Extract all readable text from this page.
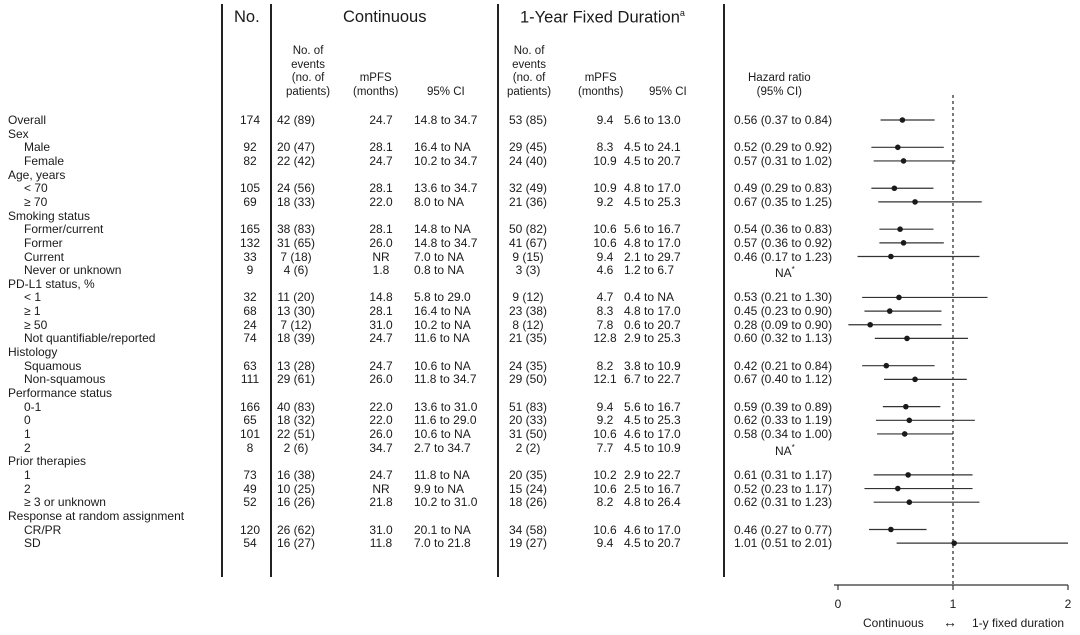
No.	Continuous	1-Year Fixed Duration$^a$
No. of
events
(no. of
patients)
mPFS
(months) 95% CI
No. of
events
(no. of
patients)
mPFS
(months) 95% CI
Hazard ratio
(95% CI)
Overall	174 42 (89)	24.7 14.8 to 34.7	53 (85)	9.4 5.6 to 13.0	0.56 (0.37 to 0.84)
Sex
Male	92 20 (47)	28.1 16.4 to NA	29 (45)	8.3 4.5 to 24.1	0.52 (0.29 to 0.92)
Female	82 22 (42)	24.7 10.2 to 34.7	24 (40)	10.9 4.5 to 20.7	0.57 (0.31 to 1.02)
Age, years
< 70	105 24 (56)	28.1 13.6 to 34.7	32 (49)	10.9 4.8 to 17.0	0.49 (0.29 to 0.83)
≥ 70	69 18 (33)	22.0 8.0 to NA	21 (36)	9.2 4.5 to 25.3	0.67 (0.35 to 1.25)
Smoking status
Former/current	165 38 (83)	28.1 14.8 to NA	50 (82)	10.6 5.6 to 16.7	0.54 (0.36 to 0.83)
Former	132 31 (65)	26.0 14.8 to 34.7	41 (67)	10.6 4.8 to 17.0	0.57 (0.36 to 0.92)
Current	33 7 (18)	NR 7.0 to NA	9 (15)	9.4 2.1 to 29.7	0.46 (0.17 to 1.23)
Never or unknown	9	4 (6)	1.8 0.8 to NA	3 (3)	4.6 1.2 to 6.7	NA*
PD-L1 status, %
< 1	32 11 (20)	14.8 5.8 to 29.0	9 (12)	4.7 0.4 to NA	0.53 (0.21 to 1.30)
≥ 1	68 13 (30)	28.1 16.4 to NA	23 (38)	8.3 4.8 to 17.0	0.45 (0.23 to 0.90)
≥ 50	24 7 (12)	31.0 10.2 to NA	8 (12)	7.8 0.6 to 20.7	0.28 (0.09 to 0.90)
Not quantifiable/reported	74 18 (39)	24.7 11.6 to NA	21 (35)	12.8 2.9 to 25.3	0.60 (0.32 to 1.13)
Histology
Squamous	63 13 (28)	24.7 10.6 to NA	24 (35)	8.2 3.8 to 10.9	0.42 (0.21 to 0.84)
Non-squamous	111 29 (61)	26.0 11.8 to 34.7	29 (50)	12.1 6.7 to 22.7	0.67 (0.40 to 1.12)
Performance status
0-1	166 40 (83)	22.0 13.6 to 31.0	51 (83)	9.4 5.6 to 16.7	0.59 (0.39 to 0.89)
0	65 18 (32)	22.0 11.6 to 29.0	20 (33)	9.2 4.5 to 25.3	0.62 (0.33 to 1.19)
1	101 22 (51)	26.0 10.6 to NA	31 (50)	10.6 4.6 to 17.0	0.58 (0.34 to 1.00)
2	8	2 (6)	34.7 2.7 to 34.7	2 (2)	7.7 4.5 to 10.9	NA*
Prior therapies
1	73 16 (38)	24.7 11.8 to NA	20 (35)	10.2 2.9 to 22.7	0.61 (0.31 to 1.17)
2	49 10 (25)	NR 9.9 to NA	15 (24)	10.6 2.5 to 16.7	0.52 (0.23 to 1.17)
≥ 3 or unknown	52 16 (26)	21.8 10.2 to 31.0	18 (26)	8.2 4.8 to 26.4	0.62 (0.31 to 1.23)
Response at random assignment
CR/PR	120 26 (62)	31.0 20.1 to NA	34 (58)	10.6 4.6 to 17.0	0.46 (0.27 to 0.77)
SD	54 16 (27)	11.8 7.0 to 21.8	19 (27)	9.4 4.5 to 20.7	1.01 (0.51 to 2.01)
0	1	2
Continuous ↔ 1-y fixed duration
